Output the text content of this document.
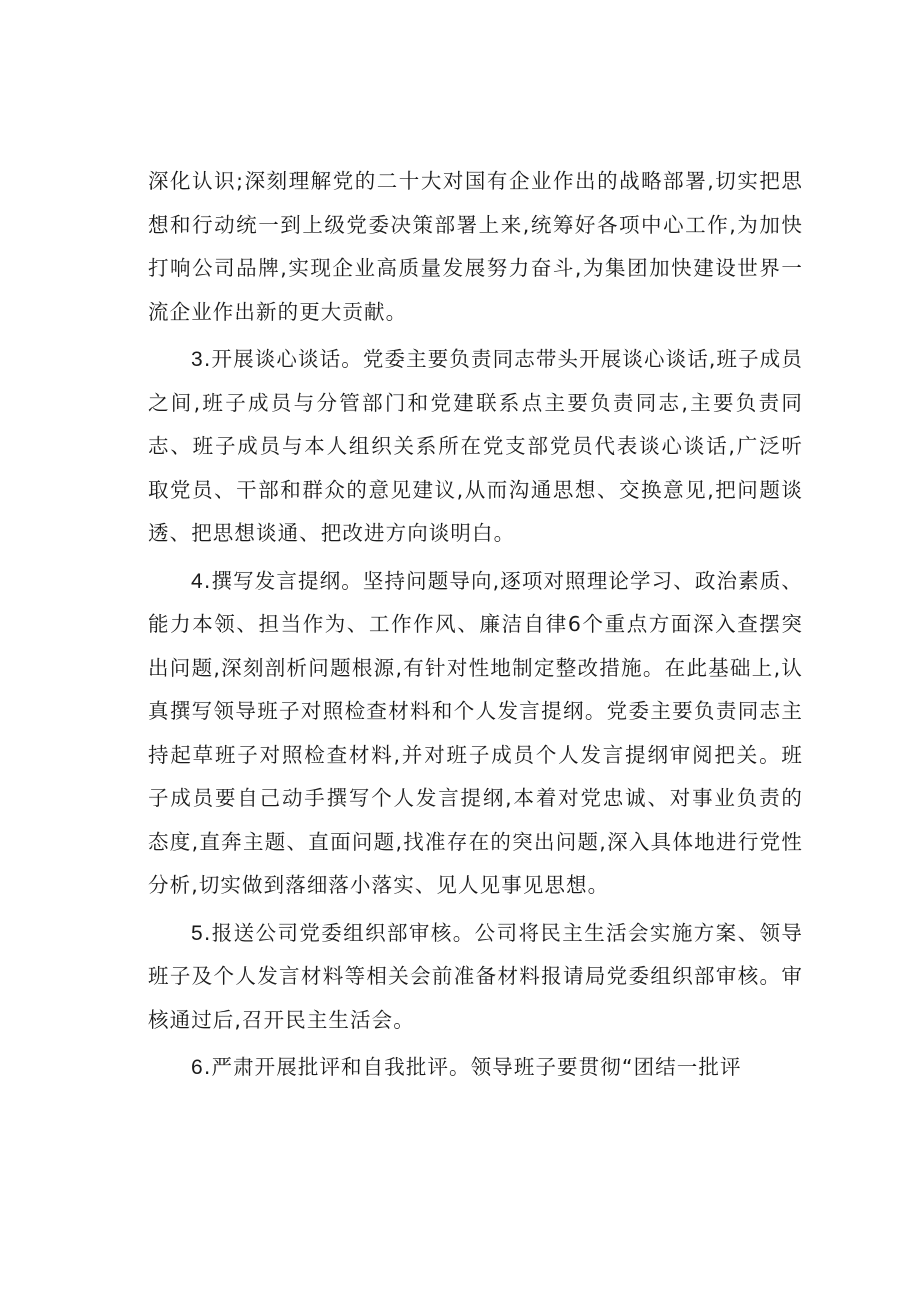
深化认识;深刻理解党的二十大对国有企业作出的战略部署,切实把思想和行动统一到上级党委决策部署上来,统筹好各项中心工作,为加快打响公司品牌,实现企业高质量发展努力奋斗,为集团加快建设世界一流企业作出新的更大贡献。

3.开展谈心谈话。党委主要负责同志带头开展谈心谈话,班子成员之间,班子成员与分管部门和党建联系点主要负责同志,主要负责同志、班子成员与本人组织关系所在党支部党员代表谈心谈话,广泛听取党员、干部和群众的意见建议,从而沟通思想、交换意见,把问题谈透、把思想谈通、把改进方向谈明白。

4.撰写发言提纲。坚持问题导向,逐项对照理论学习、政治素质、能力本领、担当作为、工作作风、廉洁自律6个重点方面深入查摆突出问题,深刻剖析问题根源,有针对性地制定整改措施。在此基础上,认真撰写领导班子对照检查材料和个人发言提纲。党委主要负责同志主持起草班子对照检查材料,并对班子成员个人发言提纲审阅把关。班子成员要自己动手撰写个人发言提纲,本着对党忠诚、对事业负责的态度,直奔主题、直面问题,找准存在的突出问题,深入具体地进行党性分析,切实做到落细落小落实、见人见事见思想。

5.报送公司党委组织部审核。公司将民主生活会实施方案、领导班子及个人发言材料等相关会前准备材料报请局党委组织部审核。审核通过后,召开民主生活会。

6.严肃开展批评和自我批评。领导班子要贯彻“团结一批评
